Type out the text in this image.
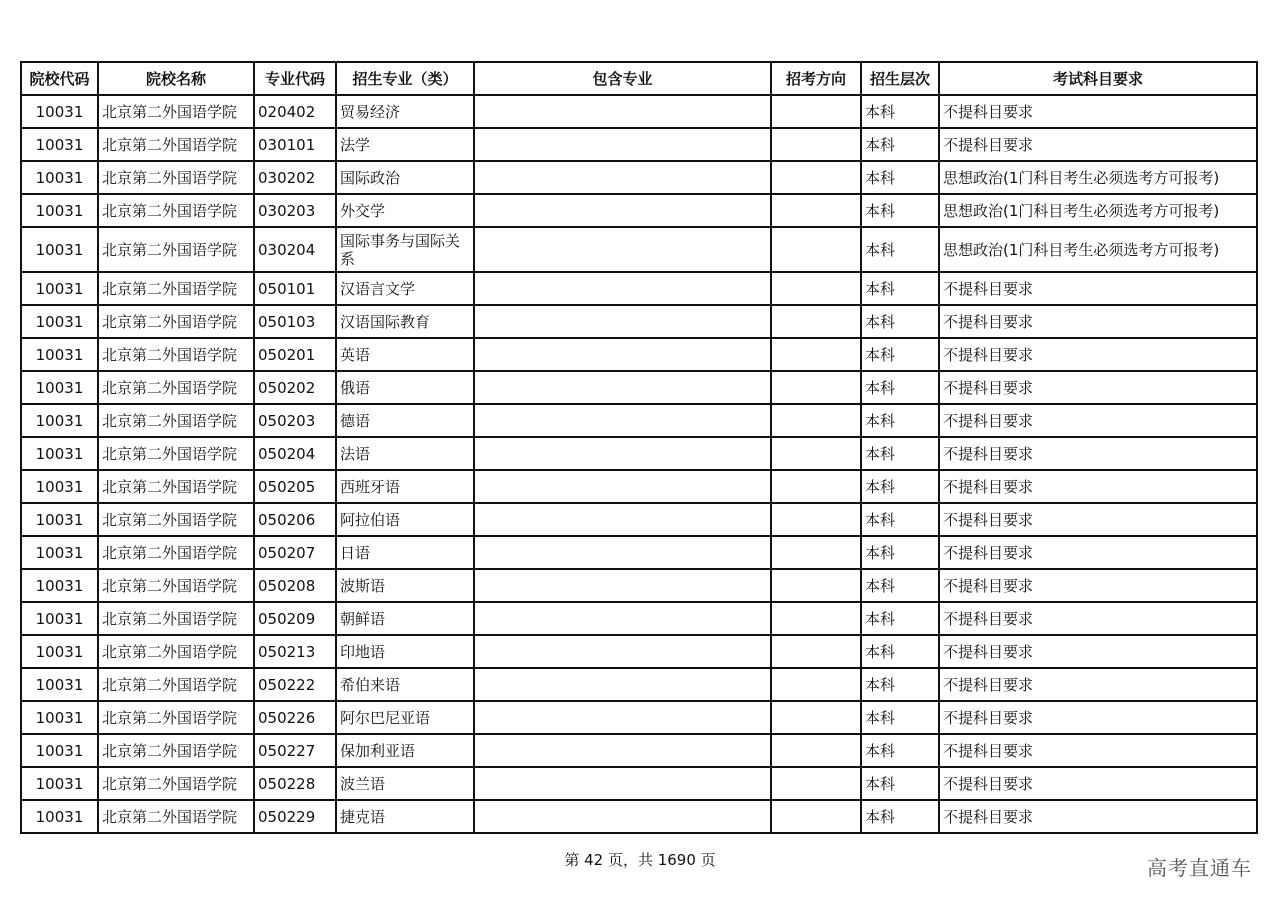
院校代码	院校名称	专业代码	招生专业（类）	包含专业	招考方向	招生层次	考试科目要求
10031	北京第二外国语学院	020402	贸易经济			本科	不提科目要求
10031	北京第二外国语学院	030101	法学			本科	不提科目要求
10031	北京第二外国语学院	030202	国际政治			本科	思想政治(1门科目考生必须选考方可报考)
10031	北京第二外国语学院	030203	外交学			本科	思想政治(1门科目考生必须选考方可报考)
10031	北京第二外国语学院	030204	国际事务与国际关系			本科	思想政治(1门科目考生必须选考方可报考)
10031	北京第二外国语学院	050101	汉语言文学			本科	不提科目要求
10031	北京第二外国语学院	050103	汉语国际教育			本科	不提科目要求
10031	北京第二外国语学院	050201	英语			本科	不提科目要求
10031	北京第二外国语学院	050202	俄语			本科	不提科目要求
10031	北京第二外国语学院	050203	德语			本科	不提科目要求
10031	北京第二外国语学院	050204	法语			本科	不提科目要求
10031	北京第二外国语学院	050205	西班牙语			本科	不提科目要求
10031	北京第二外国语学院	050206	阿拉伯语			本科	不提科目要求
10031	北京第二外国语学院	050207	日语			本科	不提科目要求
10031	北京第二外国语学院	050208	波斯语			本科	不提科目要求
10031	北京第二外国语学院	050209	朝鲜语			本科	不提科目要求
10031	北京第二外国语学院	050213	印地语			本科	不提科目要求
10031	北京第二外国语学院	050222	希伯来语			本科	不提科目要求
10031	北京第二外国语学院	050226	阿尔巴尼亚语			本科	不提科目要求
10031	北京第二外国语学院	050227	保加利亚语			本科	不提科目要求
10031	北京第二外国语学院	050228	波兰语			本科	不提科目要求
10031	北京第二外国语学院	050229	捷克语			本科	不提科目要求
第 42 页，共 1690 页	高考直通车
